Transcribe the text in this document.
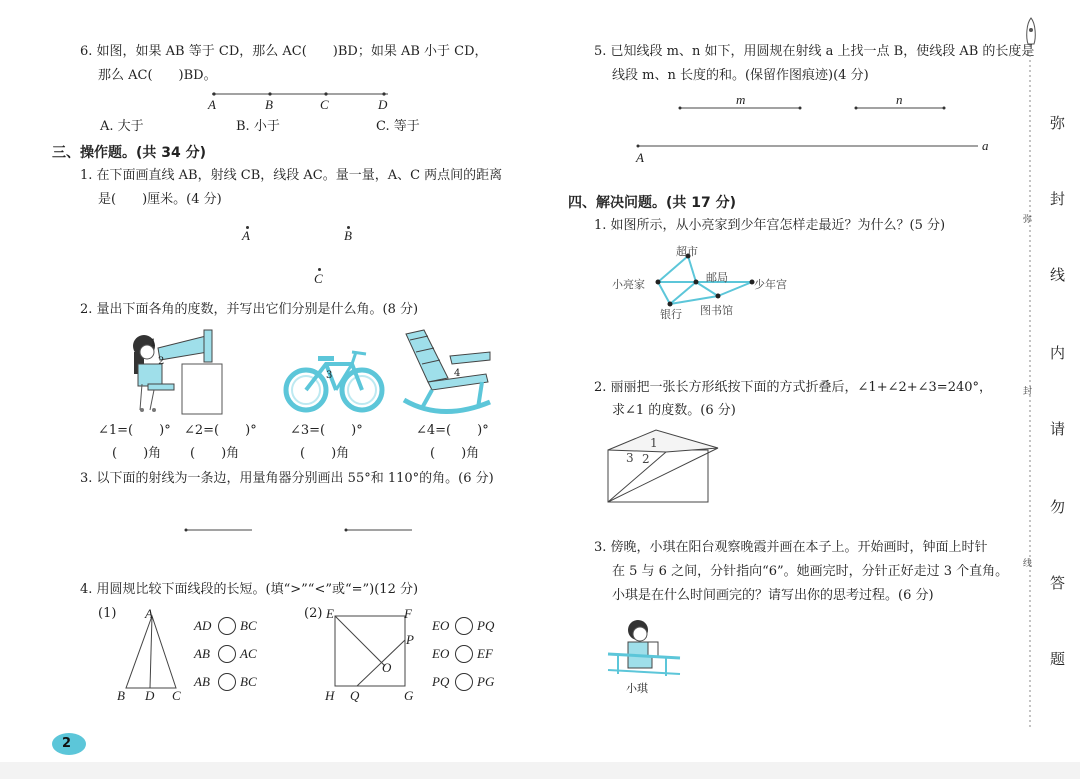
6. 如图，如果 AB 等于 CD，那么 AC(　　)BD；如果 AB 小于 CD，
那么 AC(　　)BD。
A	B	C	D
A. 大于	B. 小于	C. 等于
三、操作题。(共 34 分)
1. 在下面画直线 AB，射线 CB，线段 AC。量一量，A、C 两点间的距离
是(　　)厘米。(4 分)
A	B
C
2. 量出下面各角的度数，并写出它们分别是什么角。(8 分)
1
2
3	4
∠1=(　　)° ∠2=(　　)°	∠3=(　　)°	∠4=(　　)°
(　　)角 (　　)角	(　　)角	(　　)角
3. 以下面的射线为一条边，用量角器分别画出 55°和 110°的角。(6 分)
4. 用圆规比较下面线段的长短。(填“>”“<”或“=”)(12 分)
(1) A
B D C
AD BC
AB AC
AB BC
(2) E	F
P
O
H Q	G
EO PQ
EO EF
PQ PG
2
5. 已知线段 m、n 如下，用圆规在射线 a 上找一点 B，使线段 AB 的长度是
线段 m、n 长度的和。(保留作图痕迹)(4 分)
m	n
A
a
四、解决问题。(共 17 分)
1. 如图所示，从小亮家到少年宫怎样走最近？为什么？(5 分)
超市
小亮家
邮局
少年宫
银行 图书馆
2. 丽丽把一张长方形纸按下面的方式折叠后，∠1+∠2+∠3=240°，
求∠1 的度数。(6 分)
1
3 2
3. 傍晚，小琪在阳台观察晚霞并画在本子上。开始画时，钟面上时针
在 5 与 6 之间，分针指向“6”。她画完时，分针正好走过 3 个直角。
小琪是在什么时间画完的？请写出你的思考过程。(6 分)
小琪
弥
封
线
弥
封
线
内
请
勿
答
题
